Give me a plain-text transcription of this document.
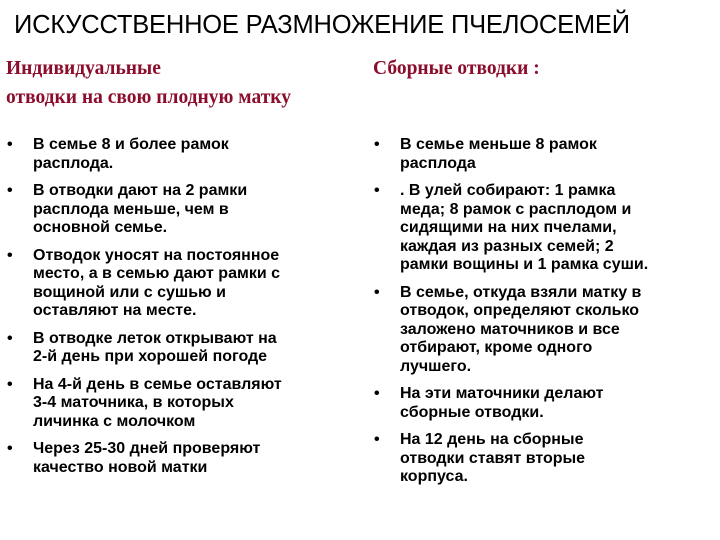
ИСКУССТВЕННОЕ РАЗМНОЖЕНИЕ ПЧЕЛОСЕМЕЙ
Индивидуальные
отводки на свою плодную матку
• В семье 8 и более рамок
расплода.
• В отводки дают на 2 рамки
расплода меньше, чем в
основной семье.
• Отводок уносят на постоянное
место, а в семью дают рамки с
вощиной или с сушью и
оставляют на месте.
• В отводке леток открывают на
2-й день при хорошей погоде
• На 4-й день в семье оставляют
3-4 маточника, в которых
личинка с молочком
• Через 25-30 дней проверяют
качество новой матки
Сборные отводки :
• В семье меньше 8 рамок
расплода
• . В улей собирают: 1 рамка
меда; 8 рамок с расплодом и
сидящими на них пчелами,
каждая из разных семей; 2
рамки вощины и 1 рамка суши.
• В семье, откуда взяли матку в
отводок, определяют сколько
заложено маточников и все
отбирают, кроме одного
лучшего.
• На эти маточники делают
сборные отводки.
• На 12 день на сборные
отводки ставят вторые
корпуса.
